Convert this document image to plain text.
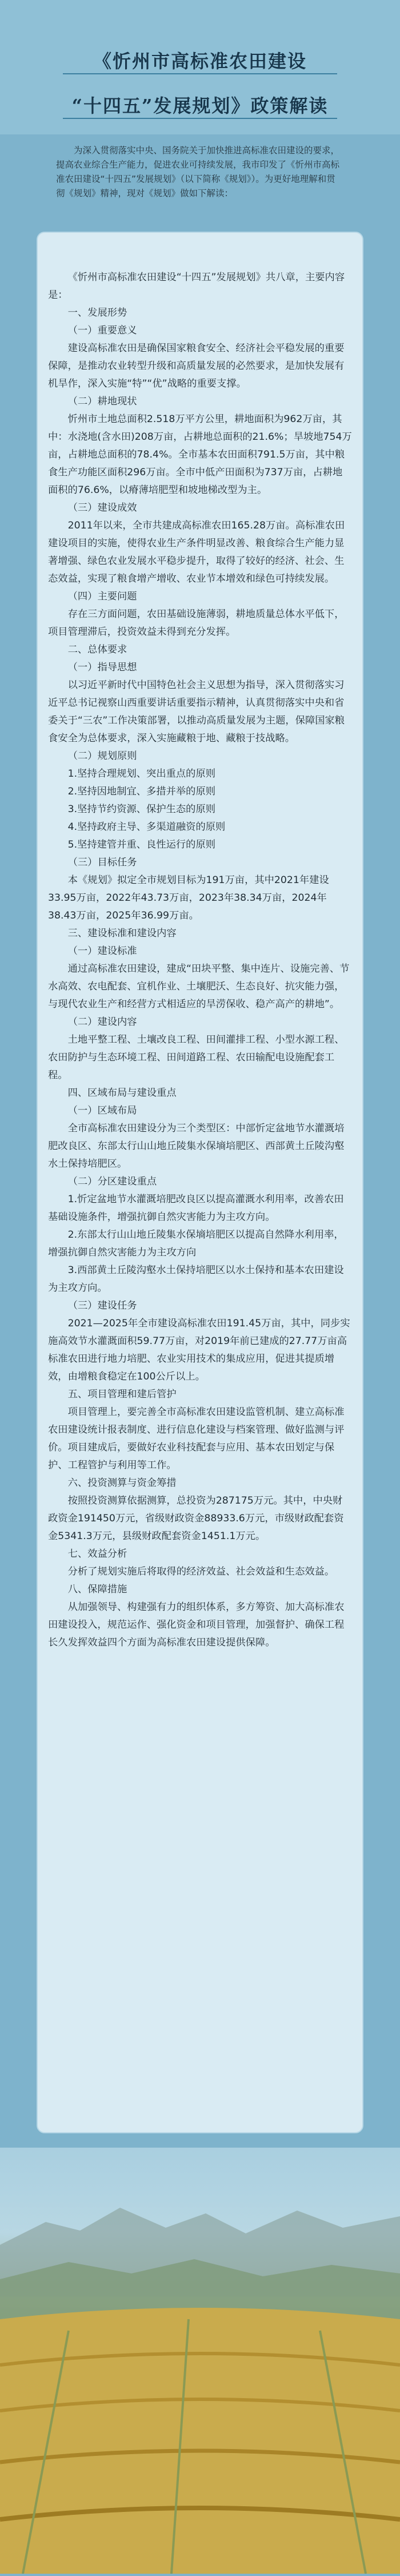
《忻州市高标准农田建设
“十四五”发展规划》政策解读

为深入贯彻落实中央、国务院关于加快推进高标准农田建设的要求，提高农业综合生产能力，促进农业可持续发展，我市印发了《忻州市高标准农田建设“十四五”发展规划》（以下简称《规划》）。为更好地理解和贯彻《规划》精神，现对《规划》做如下解读：

《忻州市高标准农田建设“十四五”发展规划》共八章，主要内容是：

一、发展形势

（一）重要意义

建设高标准农田是确保国家粮食安全、经济社会平稳发展的重要保障，是推动农业转型升级和高质量发展的必然要求，是加快发展有机旱作，深入实施“特”“优”战略的重要支撑。

（二）耕地现状

忻州市土地总面积2.518万平方公里，耕地面积为962万亩，其中：水浇地(含水田)208万亩，占耕地总面积的21.6%；旱坡地754万亩，占耕地总面积的78.4%。全市基本农田面积791.5万亩，其中粮食生产功能区面积296万亩。全市中低产田面积为737万亩，占耕地面积的76.6%，以瘠薄培肥型和坡地梯改型为主。

（三）建设成效

2011年以来，全市共建成高标准农田165.28万亩。高标准农田建设项目的实施，使得农业生产条件明显改善、粮食综合生产能力显著增强、绿色农业发展水平稳步提升，取得了较好的经济、社会、生态效益，实现了粮食增产增收、农业节本增效和绿色可持续发展。

（四）主要问题

存在三方面问题，农田基础设施薄弱，耕地质量总体水平低下，项目管理滞后，投资效益未得到充分发挥。

二、总体要求

（一）指导思想

以习近平新时代中国特色社会主义思想为指导，深入贯彻落实习近平总书记视察山西重要讲话重要指示精神，认真贯彻落实中央和省委关于“三农”工作决策部署，以推动高质量发展为主题，保障国家粮食安全为总体要求，深入实施藏粮于地、藏粮于技战略。

（二）规划原则

1.坚持合理规划、突出重点的原则

2.坚持因地制宜、多措并举的原则

3.坚持节约资源、保护生态的原则

4.坚持政府主导、多渠道融资的原则

5.坚持建管并重、良性运行的原则

（三）目标任务

本《规划》拟定全市规划目标为191万亩，其中2021年建设33.95万亩，2022年43.73万亩，2023年38.34万亩，2024年38.43万亩，2025年36.99万亩。

三、建设标准和建设内容

（一）建设标准

通过高标准农田建设，建成“田块平整、集中连片、设施完善、节水高效、农电配套、宜机作业、土壤肥沃、生态良好、抗灾能力强，与现代农业生产和经营方式相适应的旱涝保收、稳产高产的耕地”。

（二）建设内容

土地平整工程、土壤改良工程、田间灌排工程、小型水源工程、农田防护与生态环境工程、田间道路工程、农田输配电设施配套工程。

四、区域布局与建设重点

（一）区域布局

全市高标准农田建设分为三个类型区：中部忻定盆地节水灌溉培肥改良区、东部太行山山地丘陵集水保墒培肥区、西部黄土丘陵沟壑水土保持培肥区。

（二）分区建设重点

1.忻定盆地节水灌溉培肥改良区以提高灌溉水利用率，改善农田基础设施条件，增强抗御自然灾害能力为主攻方向。

2.东部太行山山地丘陵集水保墒培肥区以提高自然降水利用率，增强抗御自然灾害能力为主攻方向

3.西部黄土丘陵沟壑水土保持培肥区以水土保持和基本农田建设为主攻方向。

（三）建设任务

2021—2025年全市建设高标准农田191.45万亩，其中，同步实施高效节水灌溉面积59.77万亩，对2019年前已建成的27.77万亩高标准农田进行地力培肥、农业实用技术的集成应用，促进其提质增效，由增粮食稳定在100公斤以上。

五、项目管理和建后管护

项目管理上，要完善全市高标准农田建设监管机制、建立高标准农田建设统计报表制度、进行信息化建设与档案管理、做好监测与评价。项目建成后，要做好农业科技配套与应用、基本农田划定与保护、工程管护与利用等工作。

六、投资测算与资金筹措

按照投资测算依据测算，总投资为287175万元。其中，中央财政资金191450万元，省级财政资金88933.6万元，市级财政配套资金5341.3万元，县级财政配套资金1451.1万元。

七、效益分析

分析了规划实施后将取得的经济效益、社会效益和生态效益。

八、保障措施

从加强领导、构建强有力的组织体系，多方筹资、加大高标准农田建设投入，规范运作、强化资金和项目管理，加强督护、确保工程长久发挥效益四个方面为高标准农田建设提供保障。
